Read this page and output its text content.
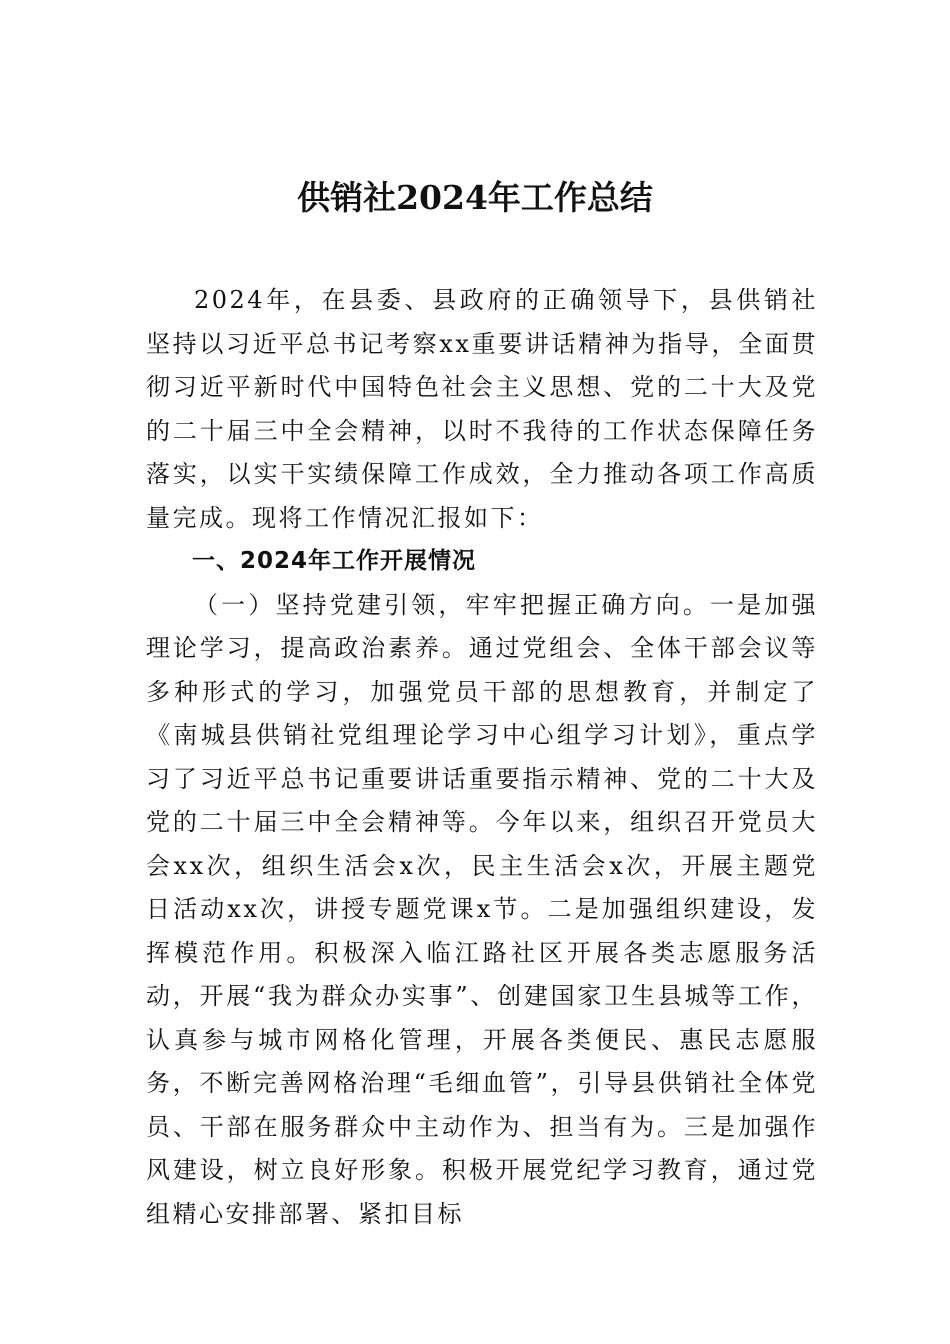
供销社2024年工作总结

2024年，在县委、县政府的正确领导下，县供销社坚持以习近平总书记考察xx重要讲话精神为指导，全面贯彻习近平新时代中国特色社会主义思想、党的二十大及党的二十届三中全会精神，以时不我待的工作状态保障任务落实，以实干实绩保障工作成效，全力推动各项工作高质量完成。现将工作情况汇报如下：

一、2024年工作开展情况

（一）坚持党建引领，牢牢把握正确方向。一是加强理论学习，提高政治素养。通过党组会、全体干部会议等多种形式的学习，加强党员干部的思想教育，并制定了《南城县供销社党组理论学习中心组学习计划》，重点学习了习近平总书记重要讲话重要指示精神、党的二十大及党的二十届三中全会精神等。今年以来，组织召开党员大会xx次，组织生活会x次，民主生活会x次，开展主题党日活动xx次，讲授专题党课x节。二是加强组织建设，发挥模范作用。积极深入临江路社区开展各类志愿服务活动，开展“我为群众办实事”、创建国家卫生县城等工作，认真参与城市网格化管理，开展各类便民、惠民志愿服务，不断完善网格治理“毛细血管”，引导县供销社全体党员、干部在服务群众中主动作为、担当有为。三是加强作风建设，树立良好形象。积极开展党纪学习教育，通过党组精心安排部署、紧扣目标
